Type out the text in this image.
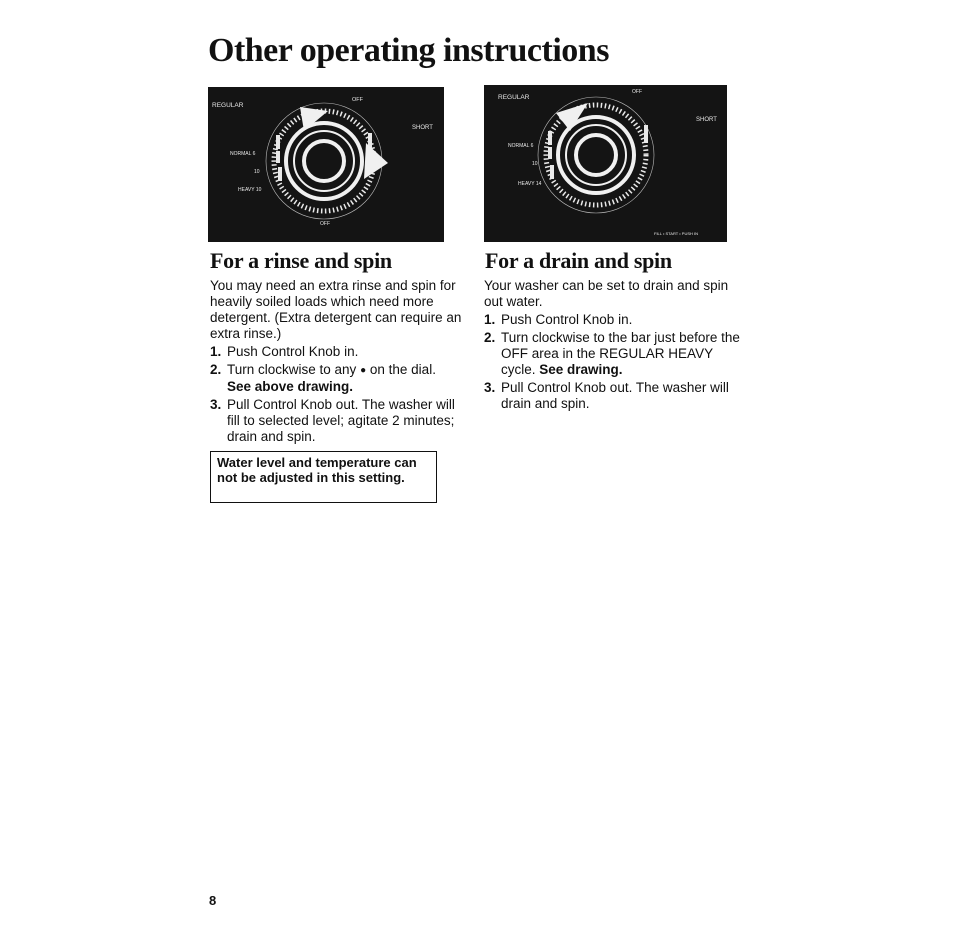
Other operating instructions
REGULAR
OFF
SHORT
NORMAL 6
10
HEAVY 10
OFF
REGULAR
OFF
SHORT
NORMAL 6
10
HEAVY 14
FILL • START • PUSH IN
For a rinse and spin

You may need an extra rinse and spin for heavily soiled loads which need more detergent. (Extra detergent can require an extra rinse.)

1. Push Control Knob in.
2. Turn clockwise to any ● on the dial.
See above drawing.
3. Pull Control Knob out. The washer will fill to selected level; agitate 2 minutes; drain and spin.
Water level and temperature can not be adjusted in this setting.
For a drain and spin

Your washer can be set to drain and spin out water.

1. Push Control Knob in.
2. Turn clockwise to the bar just before the OFF area in the REGULAR HEAVY cycle. See drawing.
3. Pull Control Knob out. The washer will drain and spin.
8
